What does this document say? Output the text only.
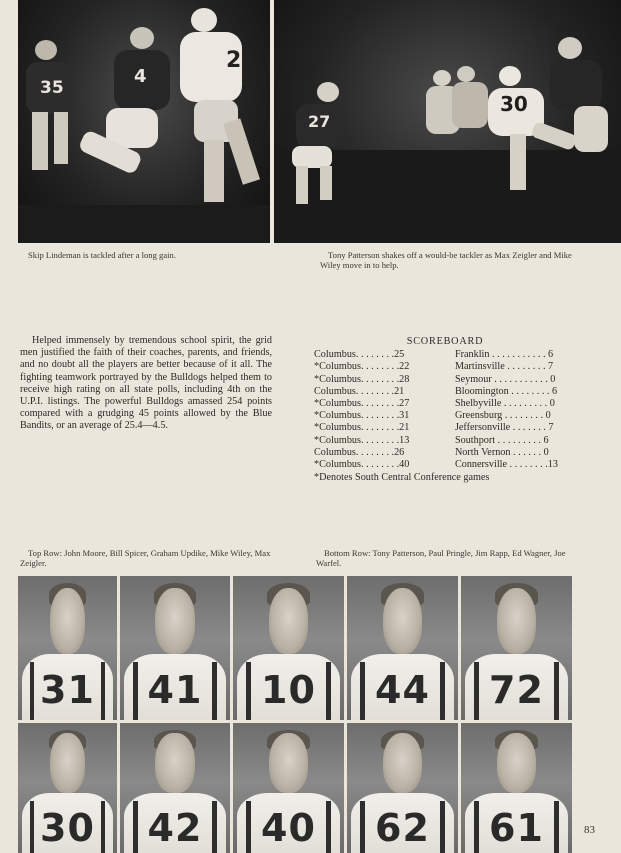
35
4
2
27
30
Skip Lindeman is tackled after a long gain.	Tony Patterson shakes off a would-be tackler as Max Zeigler and Mike Wiley move in to help.
Helped immensely by tremendous school spirit, the grid men justified the faith of their coaches, parents, and friends, and no doubt all the players are better because of it all. The fighting teamwork portrayed by the Bulldogs helped them to receive high rating on all state polls, including 4th on the U.P.I. listings. The powerful Bulldogs amassed 254 points compared with a grudging 45 points allowed by the Blue Bandits, or an average of 25.4—4.5.
SCOREBOARD
Columbus. . . . . . . .25	Franklin . . . . . . . . . . . 6
*Columbus. . . . . . . .22	Martinsville . . . . . . . . 7
*Columbus. . . . . . . .28	Seymour . . . . . . . . . . . 0
Columbus. . . . . . . .21	Bloomington . . . . . . . . 6
*Columbus. . . . . . . .27	Shelbyville . . . . . . . . . 0
*Columbus. . . . . . . .31	Greensburg . . . . . . . . 0
*Columbus. . . . . . . .21	Jeffersonville . . . . . . . 7
*Columbus. . . . . . . .13	Southport . . . . . . . . . 6
Columbus. . . . . . . .26	North Vernon . . . . . . 0
*Columbus. . . . . . . .40	Connersville . . . . . . . .13
*Denotes South Central Conference games
Top Row: John Moore, Bill Spicer, Graham Updike, Mike Wiley, Max Zeigler.
Bottom Row: Tony Patterson, Paul Pringle, Jim Rapp, Ed Wagner, Joe Warfel.
31	41	10	44	72
30	42	40	62	61	83
